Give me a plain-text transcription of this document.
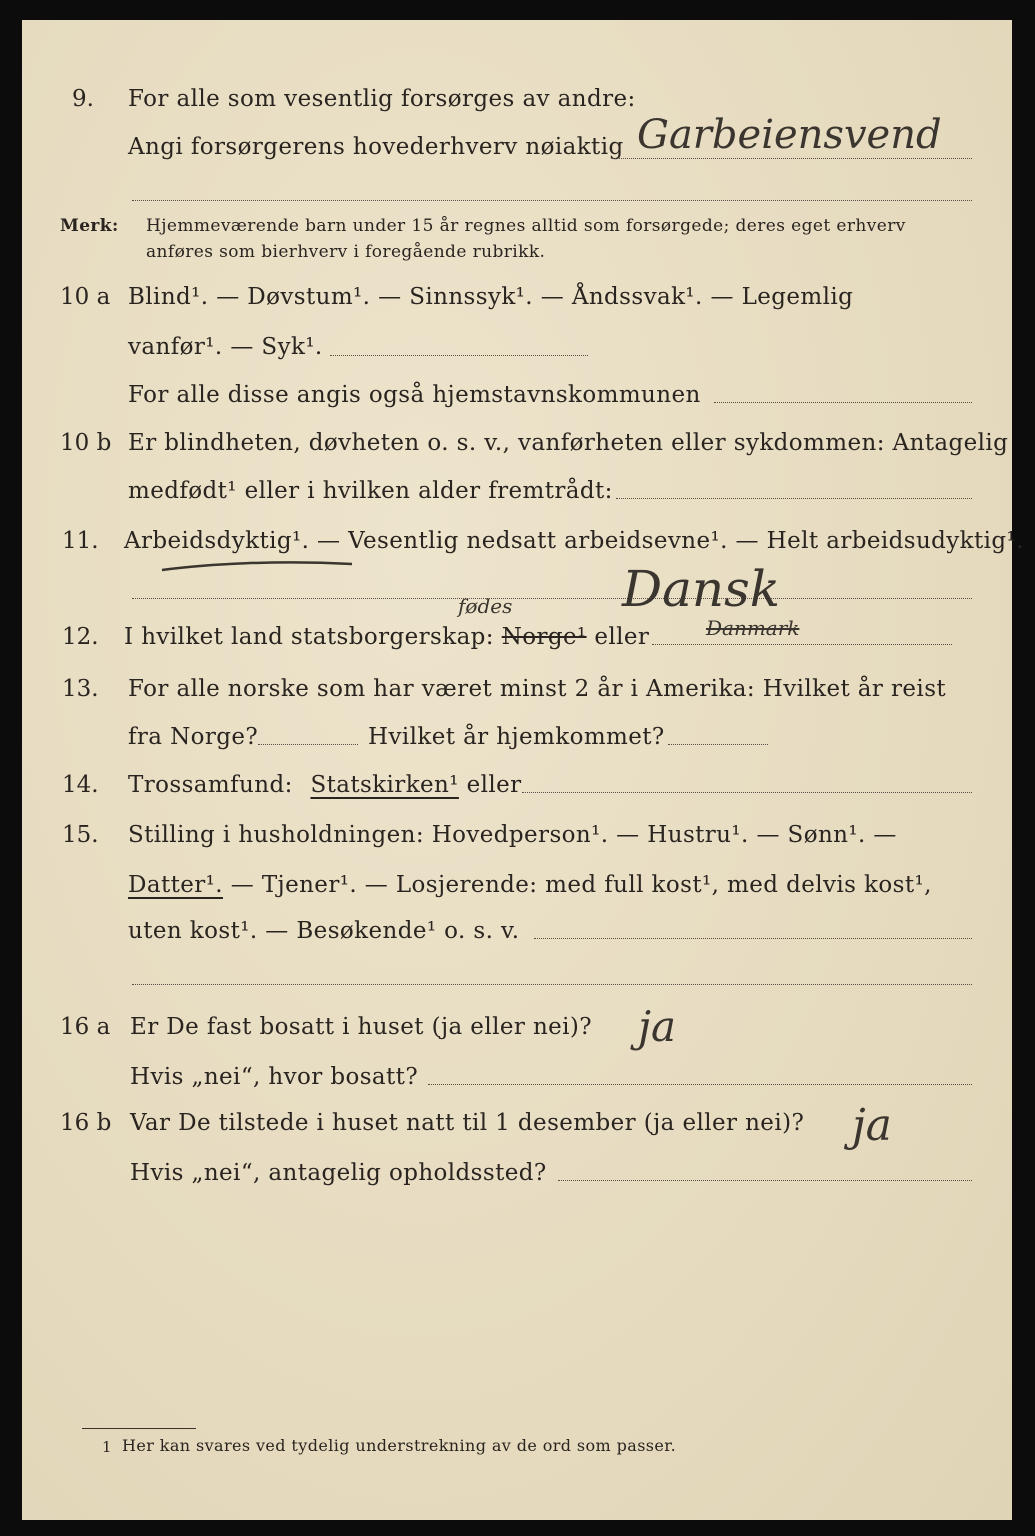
9. For alle som vesentlig forsørges av andre:
Angi forsørgerens hovederhverv nøiaktig Garbeiensvend
Merk: Hjemmeværende barn under 15 år regnes alltid som forsørgede; deres eget erhverv
anføres som bierhverv i foregående rubrikk.
10 a Blind¹. — Døvstum¹. — Sinnssyk¹. — Åndssvak¹. — Legemlig
vanfør¹. — Syk¹.
For alle disse angis også hjemstavnskommunen
10 b Er blindheten, døvheten o. s. v., vanførheten eller sykdommen: Antagelig
medfødt¹ eller i hvilken alder fremtrådt:
11. Arbeidsdyktig¹. — Vesentlig nedsatt arbeidsevne¹. — Helt arbeidsudyktig¹.
Dansk
fødes
12. I hvilket land statsborgerskap: Norge¹ eller	Danmark
13. For alle norske som har været minst 2 år i Amerika: Hvilket år reist
fra Norge?	Hvilket år hjemkommet?
14. Trossamfund: Statskirken¹ eller
15. Stilling i husholdningen: Hovedperson¹. — Hustru¹. — Sønn¹. —
Datter¹. — Tjener¹. — Losjerende: med full kost¹, med delvis kost¹,
uten kost¹. — Besøkende¹ o. s. v.
16 a Er De fast bosatt i huset (ja eller nei)? ja
Hvis „nei“, hvor bosatt?
16 b Var De tilstede i huset natt til 1 desember (ja eller nei)? ja
Hvis „nei“, antagelig opholdssted?
1 Her kan svares ved tydelig understrekning av de ord som passer.
